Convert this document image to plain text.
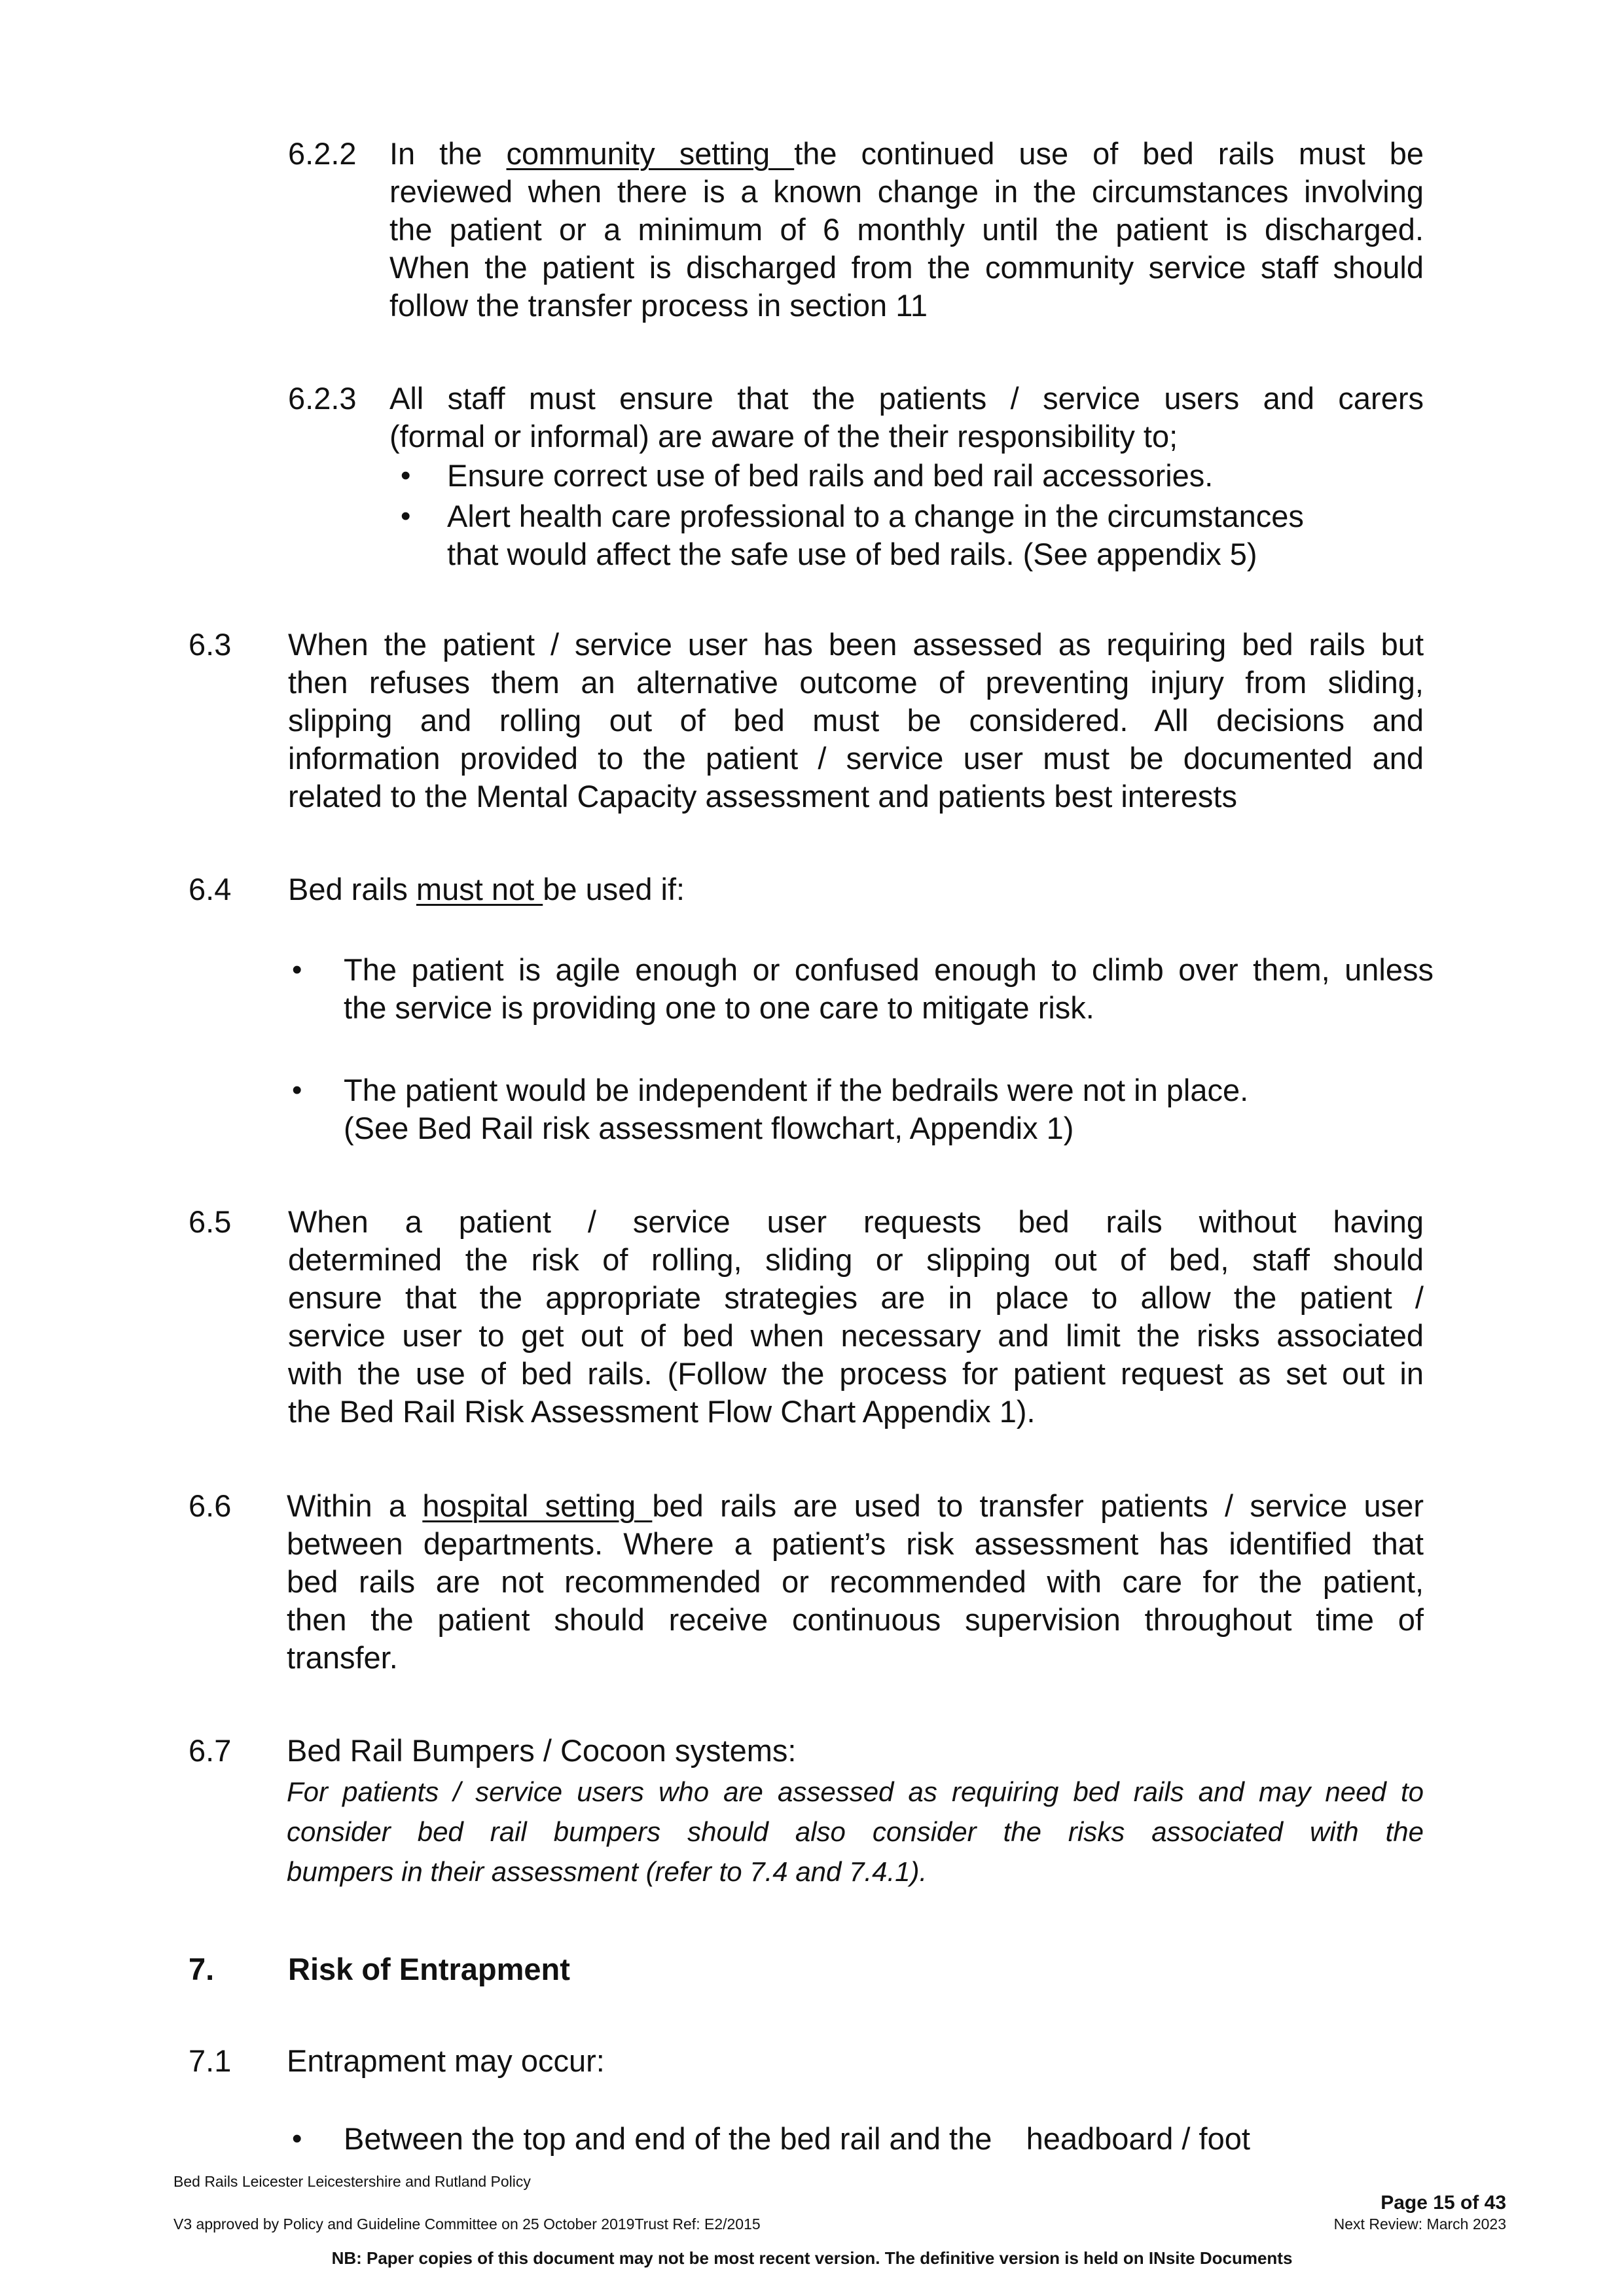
6.2.2 In the community setting the continued use of bed rails must be
reviewed when there is a known change in the circumstances involving
the patient or a minimum of 6 monthly until the patient is discharged.
When the patient is discharged from the community service staff should
follow the transfer process in section 11
6.2.3 All staff must ensure that the patients / service users and carers
(formal or informal) are aware of the their responsibility to;
• Ensure correct use of bed rails and bed rail accessories.
• Alert health care professional to a change in the circumstances
that would affect the safe use of bed rails. (See appendix 5)
6.3 When the patient / service user has been assessed as requiring bed rails but
then refuses them an alternative outcome of preventing injury from sliding,
slipping and rolling out of bed must be considered. All decisions and
information provided to the patient / service user must be documented and
related to the Mental Capacity assessment and patients best interests
6.4 Bed rails must not be used if:
• The patient is agile enough or confused enough to climb over them, unless
the service is providing one to one care to mitigate risk.
• The patient would be independent if the bedrails were not in place.
(See Bed Rail risk assessment flowchart, Appendix 1)
6.5 When a patient / service user requests bed rails without having
determined the risk of rolling, sliding or slipping out of bed, staff should
ensure that the appropriate strategies are in place to allow the patient /
service user to get out of bed when necessary and limit the risks associated
with the use of bed rails. (Follow the process for patient request as set out in
the Bed Rail Risk Assessment Flow Chart Appendix 1).
6.6 Within a hospital setting bed rails are used to transfer patients / service user
between departments. Where a patient’s risk assessment has identified that
bed rails are not recommended or recommended with care for the patient,
then the patient should receive continuous supervision throughout time of
transfer.
6.7 Bed Rail Bumpers / Cocoon systems:
For patients / service users who are assessed as requiring bed rails and may need to
consider bed rail bumpers should also consider the risks associated with the
bumpers in their assessment (refer to 7.4 and 7.4.1).
7. Risk of Entrapment
7.1 Entrapment may occur:
• Between the top and end of the bed rail and the    headboard / foot
Bed Rails Leicester Leicestershire and Rutland Policy
Page 15 of 43
V3 approved by Policy and Guideline Committee on 25 October 2019Trust Ref: E2/2015	Next Review: March 2023
NB: Paper copies of this document may not be most recent version. The definitive version is held on INsite Documents
